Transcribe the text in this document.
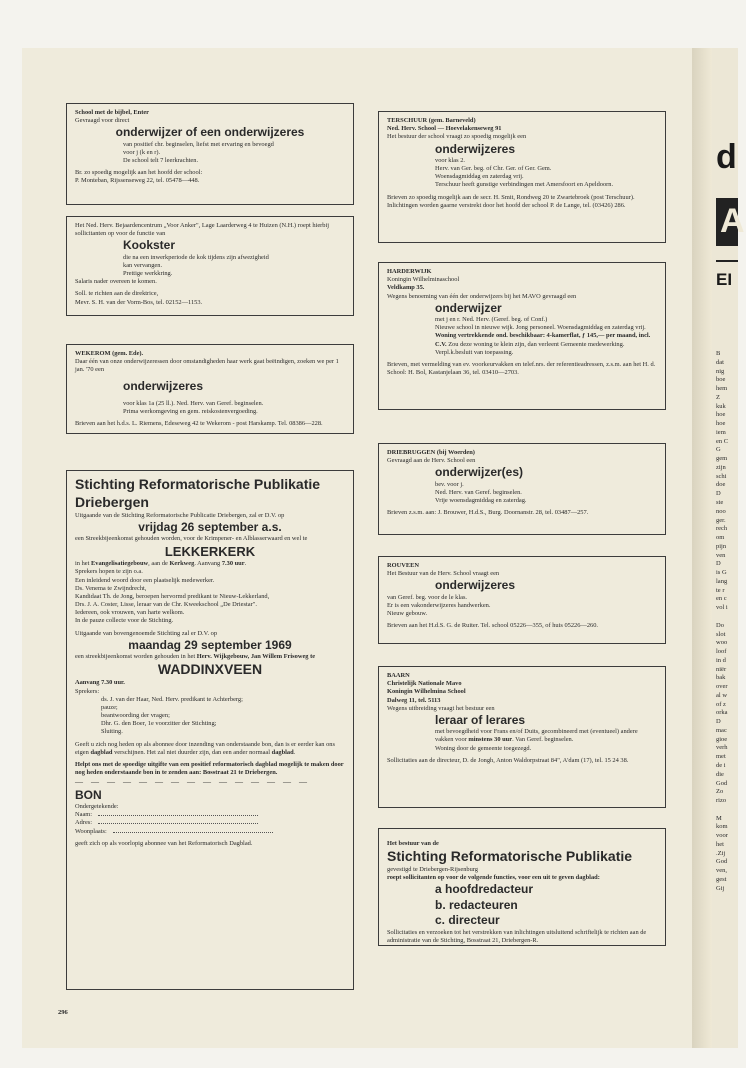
d
A
EI
B
dat
nig
boe
hem
Z
kuk
hoe
hoe
iem
en C
G
gem
zijn
schi
doe
D
ste
noo
ger.
rech
om
pijn
ven
D
is G
lang
te r
en c
vol i

Do
slot
woo
loof
in d
niër
bak
over
al w
of z
orka
D
mac
gioe
verh
met
de i
die
God
Zo
rizo

M
kom
voor
het
.Zij
God
ven,
gest
Gij

School met de bijbel, Enter

Gevraagd voor direct

onderwijzer of een onderwijzeres

van positief chr. beginselen, liefst met ervaring en bevoegd

voor j (k en r).

De school telt 7 leerkrachten.

Br. zo spoedig mogelijk aan het hoofd der school:

P. Monteban, Rijssenseweg 22, tel. 05478—448.

Het Ned. Herv. Bejaardencentrum „Voor Anker", Lage Laarderweg 4 te Huizen (N.H.) roept hierbij sollicitanten op voor de functie van

Kookster

die na een inwerkperiode de kok tijdens zijn afwezigheid

kan vervangen.

Prettige werkkring.

Salaris nader overeen te komen.

Soll. te richten aan de direktrice,

Mevr. S. H. van der Vorm-Bos, tel. 02152—1153.

WEKEROM (gem. Ede).

Daar één van onze onderwijzeressen door omstandigheden haar werk gaat beëindigen, zoeken we per 1 jan. '70 een

onderwijzeres

voor klas 1a (25 ll.). Ned. Herv. van Geref. beginselen.

Prima werkomgeving en gem. reiskostenvergoeding.

Brieven aan het h.d.s. L. Riemens, Edeseweg 42 te Wekerom - post Harskamp. Tel. 08386—228.

Stichting Reformatorische Publikatie

Driebergen

Uitgaande van de Stichting Reformatorische Publicatie Driebergen, zal er D.V. op

vrijdag 26 september a.s.

een Streekbijeenkomst gehouden worden, voor de Krimpener- en Alblasserwaard en wel te

LEKKERKERK

in het Evangelisatiegebouw, aan de Kerkweg. Aanvang 7.30 uur.

Sprekers hopen te zijn o.a.

Een inleidend woord door een plaatselijk medewerker.

Ds. Venema te Zwijndrecht,

Kandidaat Th. de Jong, beroepen hervormd predikant te Nieuw-Lekkerland,

Drs. J. A. Coster, Lisse, leraar van de Chr. Kweekschool „De Driestar".

Iedereen, ook vrouwen, van harte welkom.

In de pauze collecte voor de Stichting.

Uitgaande van bovengenoemde Stichting zal er D.V. op

maandag 29 september 1969

een streekbijeenkomst worden gehouden in het Herv. Wijkgebouw, Jan Willem Frisoweg te

WADDINXVEEN

Aanvang 7.30 uur.

Sprekers:

ds. J. van der Haar, Ned. Herv. predikant te Achterberg;

pauze;

beantwoording der vragen;

Dhr. G. den Boer, 1e voorzitter der Stichting;

Sluiting.

Geeft u zich nog heden op als abonnee door inzending van onderstaande bon, dan is er eerder kan ons eigen dagblad verschijnen. Het zal niet duurder zijn, dan een ander normaal dagblad.

Helpt ons met de spoedige uitgifte van een positief reformatorisch dagblad mogelijk te maken door nog heden onderstaande bon in te zenden aan: Bosstraat 21 te Driebergen.

— — — — — — — — — — — — — — —

BON

Ondergetekende:

Naam:

Adres:

Woonplaats:

geeft zich op als voorlopig abonnee van het Reformatorisch Dagblad.

TERSCHUUR (gem. Barneveld)

Ned. Herv. School — Hoevelakenseweg 91

Het bestuur der school vraagt zo spoedig mogelijk een

onderwijzeres

voor klas 2.

Herv. van Ger. beg. of Chr. Ger. of Ger. Gem.

Woensdagmiddag en zaterdag vrij.

Terschuur heeft gunstige verbindingen met Amersfoort en Apeldoorn.

Brieven zo spoedig mogelijk aan de secr. H. Smit, Rondweg 20 te Zwartebroek (post Terschuur). Inlichtingen worden gaarne verstrekt door het hoofd der school P. de Lange, tel. (03426) 286.

HARDERWIJK

Koningin Wilhelminaschool

Veldkamp 35.

Wegens benoeming van één der onderwijzers bij het MAVO gevraagd een

onderwijzer

met j en r. Ned. Herv. (Geref. beg. of Conf.)

Nieuwe school in nieuwe wijk. Jong personeel. Woensdagmiddag en zaterdag vrij.

Woning vertrekkende ond. beschikbaar: 4-kamerflat, ƒ 145,— per maand, incl. C.V. Zou deze woning te klein zijn, dan verleent Gemeente medewerking. Verpl.k.besluit van toepassing.

Brieven, met vermelding van ev. voorkeurvakken en telef.nrs. der referentieadressen, z.s.m. aan het H. d. School: H. Bol, Kastanjelaan 36, tel. 03410—2703.

DRIEBRUGGEN (bij Woerden)

Gevraagd aan de Herv. School een

onderwijzer(es)

bev. voor j.

Ned. Herv. van Geref. beginselen.

Vrije woensdagmiddag en zaterdag.

Brieven z.s.m. aan: J. Brouwer, H.d.S., Burg. Doornanstr. 28, tel. 03487—257.

ROUVEEN

Het Bestuur van de Herv. School vraagt een

onderwijzeres

van Geref. beg. voor de le klas.

Er is een vakonderwijzeres handwerken.

Nieuw gebouw.

Brieven aan het H.d.S. G. de Ruiter. Tel. school 05226—355, of huis 05226—260.

BAARN

Christelijk Nationale Mavo

Koningin Wilhelmina School

Dalweg 11, tel. 5113

Wegens uitbreiding vraagt het bestuur een

leraar of lerares

met bevoegdheid voor Frans en/of Duits, gecombineerd met (eventueel) andere vakken voor minstens 30 uur. Van Geref. beginselen.

Woning door de gemeente toegezegd.

Sollicitaties aan de directeur, D. de Jongh, Anton Waldorpstraat 84", A'dam (17), tel. 15 24 38.

Het bestuur van de

Stichting Reformatorische Publikatie

gevestigd te Driebergen-Rijsenburg

roept sollicitanten op voor de volgende functies, voor een uit te geven dagblad:

a hoofdredacteur

b. redacteuren

c. directeur

Sollicitaties en verzoeken tot het verstrekken van inlichtingen uitsluitend schriftelijk te richten aan de administratie van de Stichting, Bosstraat 21, Driebergen-R.

296
